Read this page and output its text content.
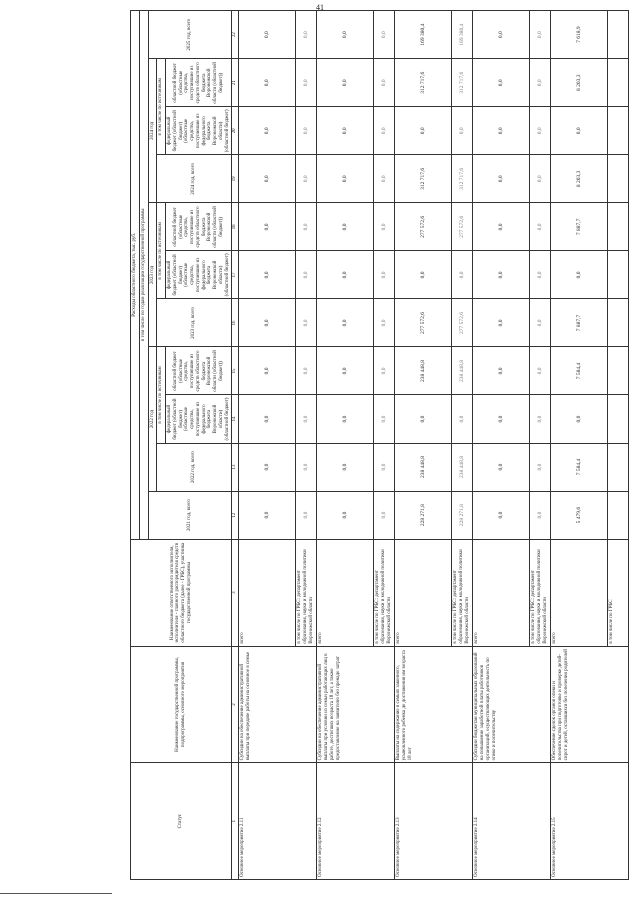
41
Статус	Наименование государственной программы, подпрограммы, основного мероприятия	Наименование ответственного исполнителя, исполнителя - главного распорядителя средств областного бюджета (далее - ГРБС), участника государственной программы	Расходы областного бюджета, тыс. руб.										
			в том числе по годам реализации государственной программы										
			2021 год, всего	2022 год			2023 год			2024 год			2025 год, всего
				2022 год, всего	в том числе по источникам		2023 год, всего	в том числе по источникам		2024 год, всего	в том числе по источникам		
					федеральный бюджет (областной бюджет) (областные средства, поступившие из федерального бюджета Воронежской области) (областной бюджет)	областной бюджет (областные средства, поступившие из средств областного бюджета Воронежской области (областной бюджет))		федеральный бюджет (областной бюджет) (областные средства, поступившие из федерального бюджета Воронежской области) (областной бюджет)	областной бюджет (областные средства, поступившие из средств областного бюджета Воронежской области (областной бюджет))		федеральный бюджет (областной бюджет) (областные средства, поступившие из федерального бюджета Воронежской области) (областной бюджет)	областной бюджет (областные средства, поступившие из средств областного бюджета Воронежской области (областной бюджет))	
1	2	3	12	13	14	15	16	17	18	19	20	21	22
Основное мероприятие 2.11	Субсидии на обеспечение административной выплаты при передаче работы на основное в семье	всего	0,0	0,0	0,0	0,0	0,0	0,0	0,0	0,0	0,0	0,0	0,0
		в том числе по ГРБС: департамент образования, науки и молодежной политики Воронежской области	0,0	0,0	0,0	0,0	0,0	0,0	0,0	0,0	0,0	0,0	0,0
Основное мероприятие 2.12	Субсидии на обеспечение административной выплаты при условии из семьи работающих лиц в работе, достигших возраста 18 лет, а также предоставление на заявителю без пренадо затрат	всего	0,0	0,0	0,0	0,0	0,0	0,0	0,0	0,0	0,0	0,0	0,0
		в том числе по ГРБС: департамент образования, науки и молодежной политики Воронежской области	0,0	0,0	0,0	0,0	0,0	0,0	0,0	0,0	0,0	0,0	0,0
Основное мероприятие 2.13	Выплаты на содержание в семьях законного, усыновленного ребенка до достижения им возраста 18 лет	всего	228 271,8	238 448,8	0,0	238 448,8	277 572,6	0,0	277 572,6	312 717,6	0,0	312 717,6	169 380,4
		в том числе по ГРБС: департамент образования, науки и молодежной политики Воронежской области	228 271,8	238 448,8	0,0	238 448,8	277 572,6	0,0	277 572,6	312 717,6	0,0	312 717,6	169 380,4
Основное мероприятие 2.14	Субсидии бюджетам муниципальных образований на повышение заработной платы работников организаций, осуществляющих деятельность по опеке и попечительству	всего	0,0	0,0	0,0	0,0	0,0	0,0	0,0	0,0	0,0	0,0	0,0
		в том числе по ГРБС: департамент образования, науки и молодежной политики Воронежской области	0,0	0,0	0,0	0,0	0,0	0,0	0,0	0,0	0,0	0,0	0,0
Основное мероприятие 2.15	Обеспечение сделок органов опеки и попечительства при подготовке и проверке детей-сирот и детей, оставшихся без попечения родителей	всего	5 479,6	7 584,4	0,0	7 584,4	7 887,7	0,0	7 887,7	8 203,3	0,0	8 203,3	7 618,9
		в том числе по ГРБС											
